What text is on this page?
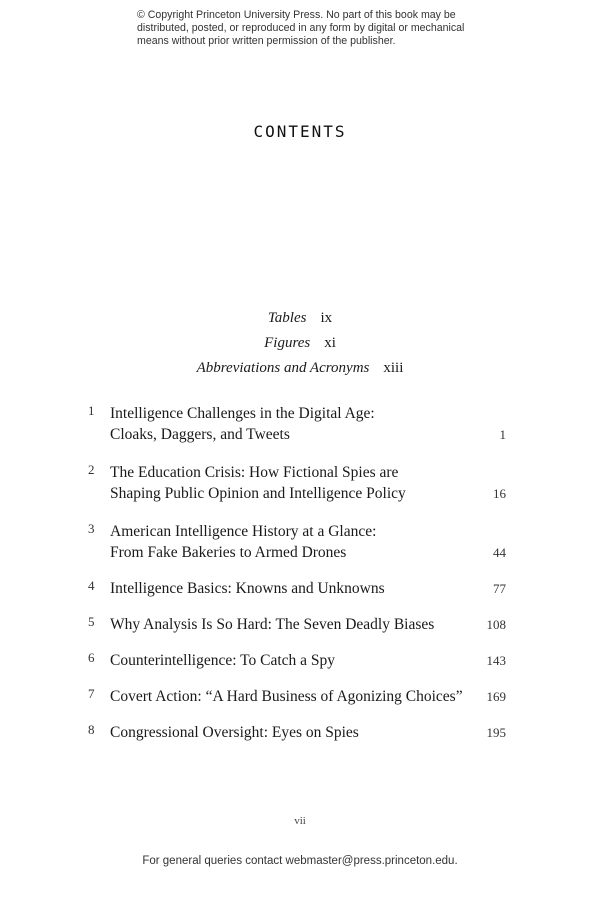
© Copyright Princeton University Press. No part of this book may be distributed, posted, or reproduced in any form by digital or mechanical means without prior written permission of the publisher.
CONTENTS
Tables ix
Figures xi
Abbreviations and Acronyms xiii
1	Intelligence Challenges in the Digital Age:
Cloaks, Daggers, and Tweets	1
2	The Education Crisis: How Fictional Spies are
Shaping Public Opinion and Intelligence Policy	16
3	American Intelligence History at a Glance:
From Fake Bakeries to Armed Drones	44
4	Intelligence Basics: Knowns and Unknowns	77
5	Why Analysis Is So Hard: The Seven Deadly Biases	108
6	Counterintelligence: To Catch a Spy	143
7	Covert Action: “A Hard Business of Agonizing Choices”	169
8	Congressional Oversight: Eyes on Spies	195
vii
For general queries contact webmaster@press.princeton.edu.
